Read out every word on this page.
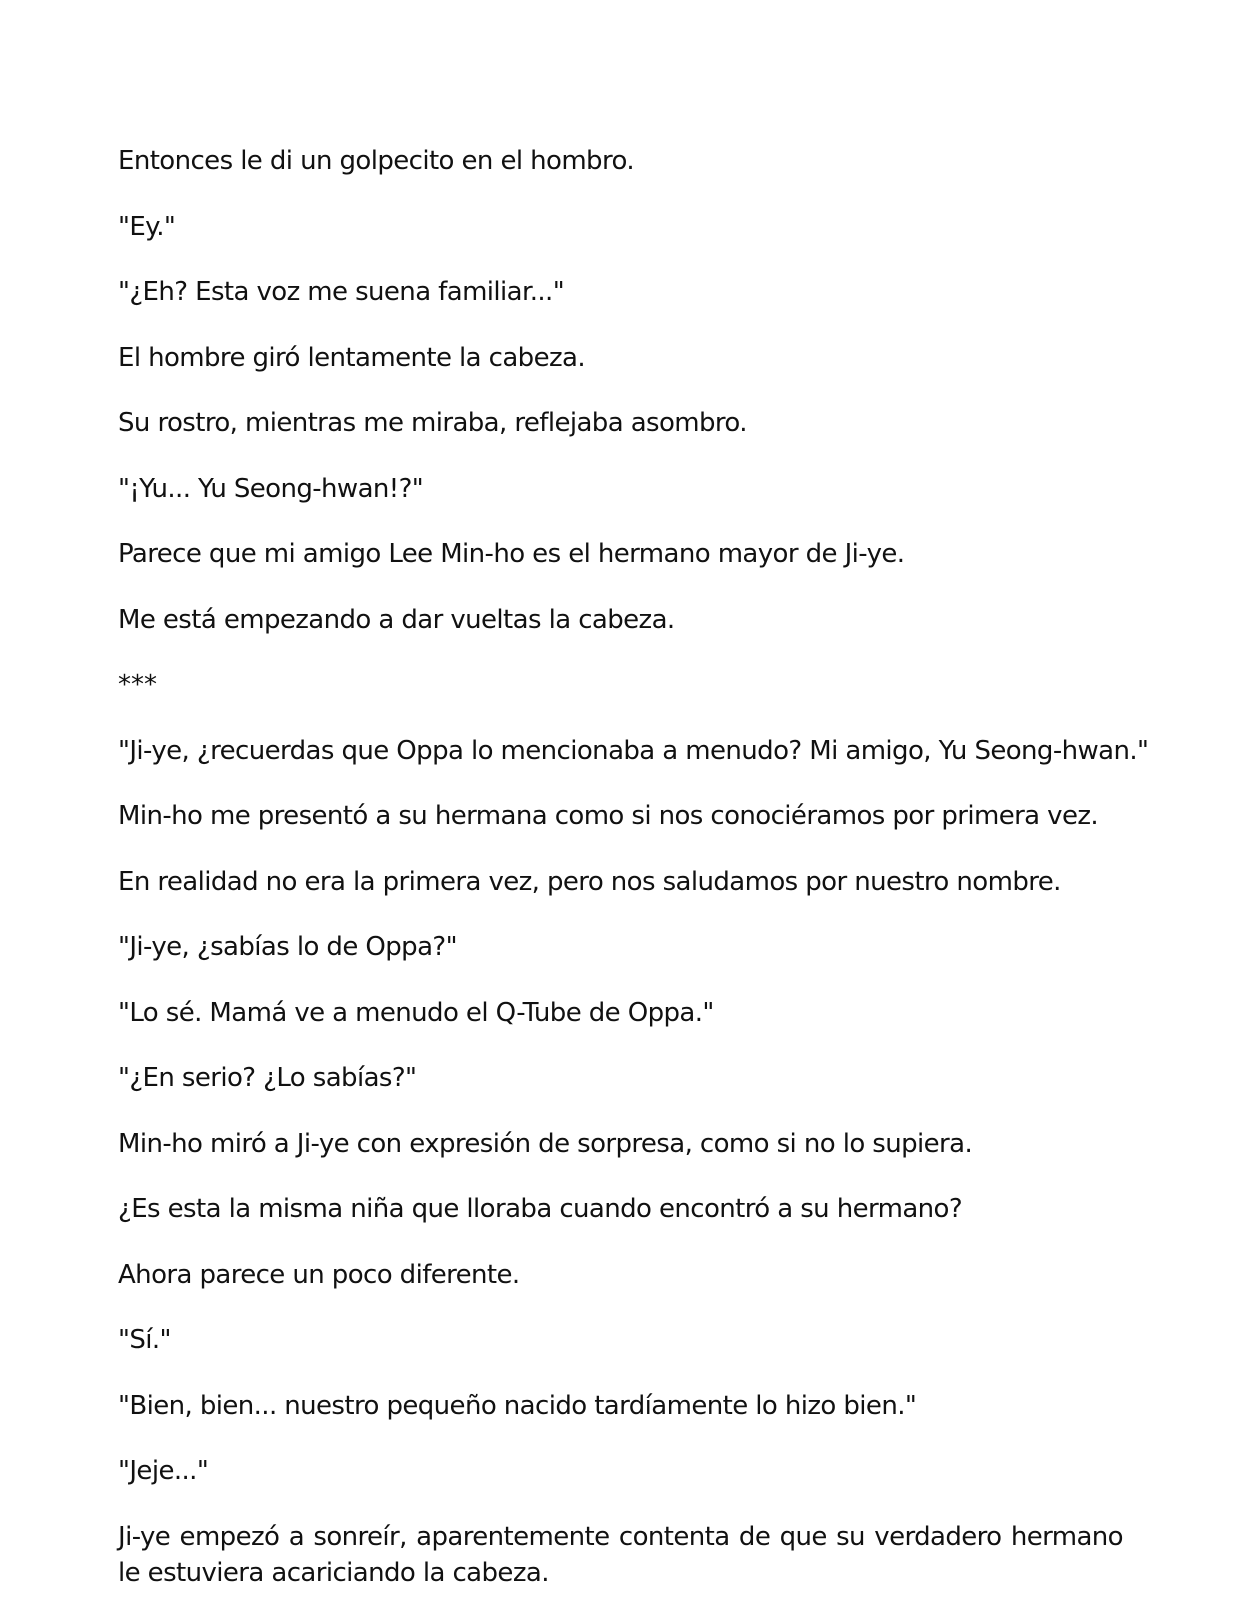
Entonces le di un golpecito en el hombro.

"Ey."

"¿Eh? Esta voz me suena familiar..."

El hombre giró lentamente la cabeza.

Su rostro, mientras me miraba, reflejaba asombro.

"¡Yu... Yu Seong-hwan!?"

Parece que mi amigo Lee Min-ho es el hermano mayor de Ji-ye.

Me está empezando a dar vueltas la cabeza.

***

"Ji-ye, ¿recuerdas que Oppa lo mencionaba a menudo? Mi amigo, Yu Seong-hwan."

Min-ho me presentó a su hermana como si nos conociéramos por primera vez.

En realidad no era la primera vez, pero nos saludamos por nuestro nombre.

"Ji-ye, ¿sabías lo de Oppa?"

"Lo sé. Mamá ve a menudo el Q-Tube de Oppa."

"¿En serio? ¿Lo sabías?"

Min-ho miró a Ji-ye con expresión de sorpresa, como si no lo supiera.

¿Es esta la misma niña que lloraba cuando encontró a su hermano?

Ahora parece un poco diferente.

"Sí."

"Bien, bien... nuestro pequeño nacido tardíamente lo hizo bien."

"Jeje..."

Ji-ye empezó a sonreír, aparentemente contenta de que su verdadero hermano le estuviera acariciando la cabeza.
